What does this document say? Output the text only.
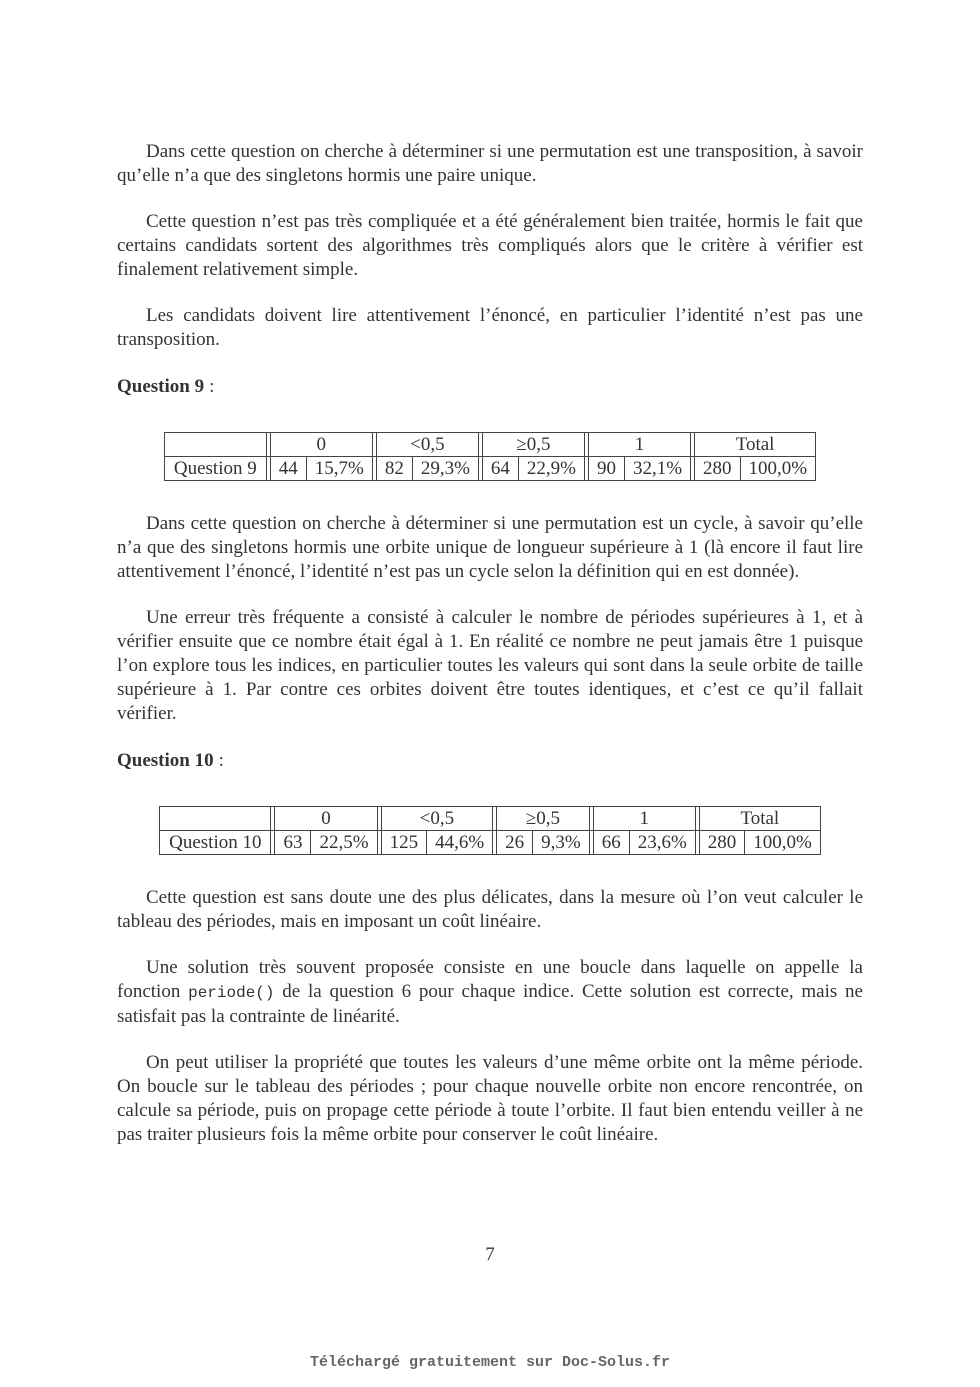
Dans cette question on cherche à déterminer si une permutation est une transposition, à savoir qu’elle n’a que des singletons hormis une paire unique.

Cette question n’est pas très compliquée et a été généralement bien traitée, hormis le fait que certains candidats sortent des algorithmes très compliqués alors que le critère à vérifier est finalement relativement simple.

Les candidats doivent lire attentivement l’énoncé, en particulier l’identité n’est pas une transposition.

Question 9 :

		0			<0,5			≥0,5			1			Total	
Question 9		44	15,7%		82	29,3%		64	22,9%		90	32,1%		280	100,0%

Dans cette question on cherche à déterminer si une permutation est un cycle, à savoir qu’elle n’a que des singletons hormis une orbite unique de longueur supérieure à 1 (là encore il faut lire attentivement l’énoncé, l’identité n’est pas un cycle selon la définition qui en est donnée).

Une erreur très fréquente a consisté à calculer le nombre de périodes supérieures à 1, et à vérifier ensuite que ce nombre était égal à 1. En réalité ce nombre ne peut jamais être 1 puisque l’on explore tous les indices, en particulier toutes les valeurs qui sont dans la seule orbite de taille supérieure à 1. Par contre ces orbites doivent être toutes identiques, et c’est ce qu’il fallait vérifier.

Question 10 :

		0			<0,5			≥0,5			1			Total	
Question 10		63	22,5%		125	44,6%		26	9,3%		66	23,6%		280	100,0%

Cette question est sans doute une des plus délicates, dans la mesure où l’on veut calculer le tableau des périodes, mais en imposant un coût linéaire.

Une solution très souvent proposée consiste en une boucle dans laquelle on appelle la fonction periode() de la question 6 pour chaque indice. Cette solution est correcte, mais ne satisfait pas la contrainte de linéarité.

On peut utiliser la propriété que toutes les valeurs d’une même orbite ont la même période. On boucle sur le tableau des périodes ; pour chaque nouvelle orbite non encore rencontrée, on calcule sa période, puis on propage cette période à toute l’orbite. Il faut bien entendu veiller à ne pas traiter plusieurs fois la même orbite pour conserver le coût linéaire.

7
Téléchargé gratuitement sur Doc-Solus.fr
